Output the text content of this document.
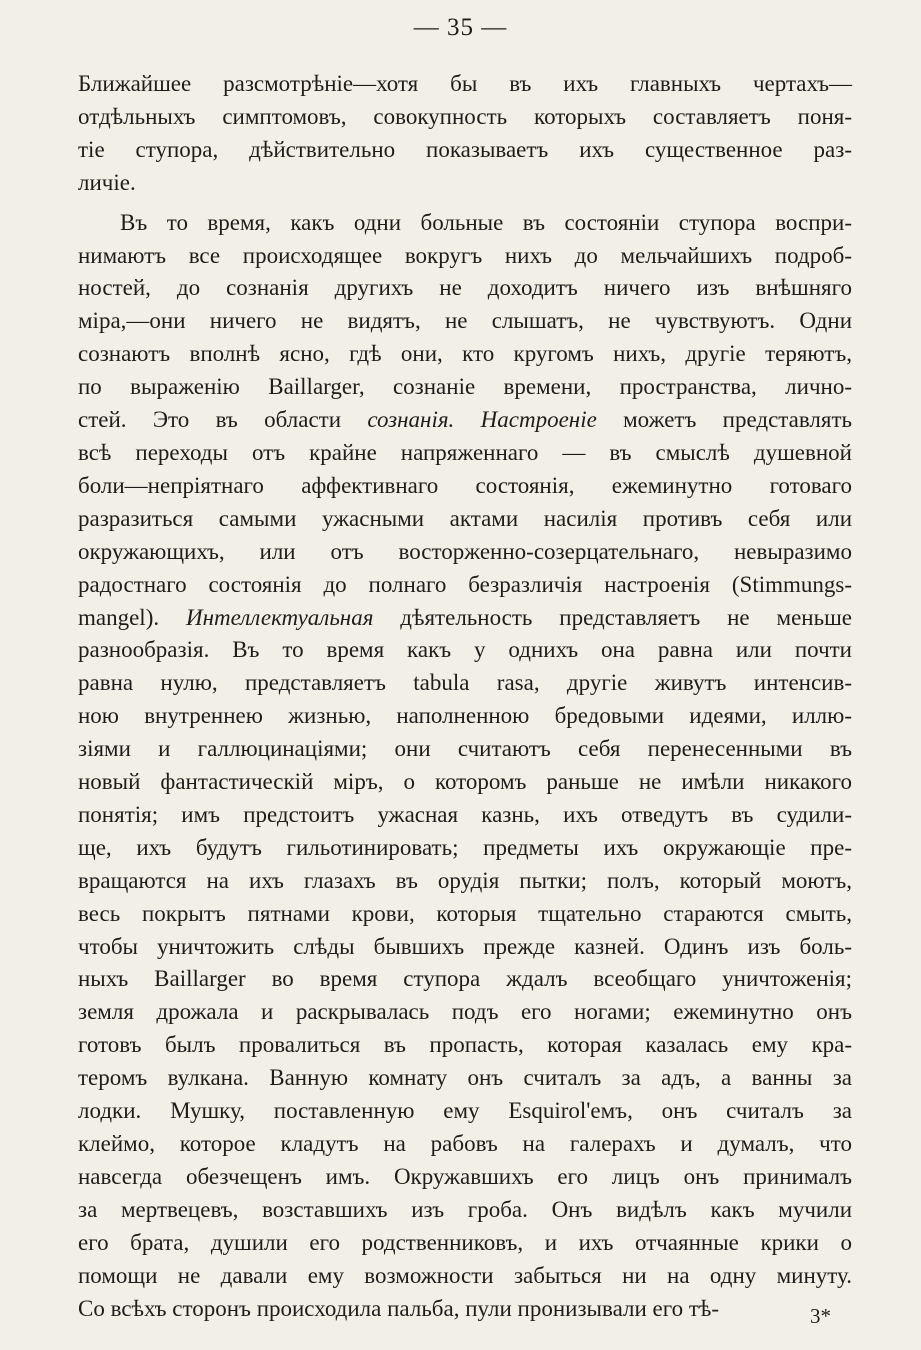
— 35 —
Ближайшее разсмотрѣніе—хотя бы въ ихъ главныхъ чертахъ—
отдѣльныхъ симптомовъ, совокупность которыхъ составляетъ поня-
тіе ступора, дѣйствительно показываетъ ихъ существенное раз-
личіе.
Въ то время, какъ одни больные въ состояніи ступора воспри-
нимаютъ все происходящее вокругъ нихъ до мельчайшихъ подроб-
ностей, до сознанія другихъ не доходитъ ничего изъ внѣшняго
міра,—они ничего не видятъ, не слышатъ, не чувствуютъ. Одни
сознаютъ вполнѣ ясно, гдѣ они, кто кругомъ нихъ, другіе теряютъ,
по выраженію Baillarger, сознаніе времени, пространства, лично-
стей. Это въ области сознанія. Настроеніе можетъ представлять
всѣ переходы отъ крайне напряженнаго — въ смыслѣ душевной
боли—непріятнаго аффективнаго состоянія, ежеминутно готоваго
разразиться самыми ужасными актами насилія противъ себя или
окружающихъ, или отъ восторженно-созерцательнаго, невыразимо
радостнаго состоянія до полнаго безразличія настроенія (Stimmungs-
mangel). Интеллектуальная дѣятельность представляетъ не меньше
разнообразія. Въ то время какъ у однихъ она равна или почти
равна нулю, представляетъ tabula rasa, другіе живутъ интенсив-
ною внутреннею жизнью, наполненною бредовыми идеями, иллю-
зіями и галлюцинаціями; они считаютъ себя перенесенными въ
новый фантастическій міръ, о которомъ раньше не имѣли никакого
понятія; имъ предстоитъ ужасная казнь, ихъ отведутъ въ судили-
ще, ихъ будутъ гильотинировать; предметы ихъ окружающіе пре-
вращаются на ихъ глазахъ въ орудія пытки; полъ, который моютъ,
весь покрытъ пятнами крови, которыя тщательно стараются смыть,
чтобы уничтожить слѣды бывшихъ прежде казней. Одинъ изъ боль-
ныхъ Baillarger во время ступора ждалъ всеобщаго уничтоженія;
земля дрожала и раскрывалась подъ его ногами; ежеминутно онъ
готовъ былъ провалиться въ пропасть, которая казалась ему кра-
теромъ вулкана. Ванную комнату онъ считалъ за адъ, а ванны за
лодки. Мушку, поставленную ему Esquirol'емъ, онъ считалъ за
клеймо, которое кладутъ на рабовъ на галерахъ и думалъ, что
навсегда обезчещенъ имъ. Окружавшихъ его лицъ онъ принималъ
за мертвецевъ, возставшихъ изъ гроба. Онъ видѣлъ какъ мучили
его брата, душили его родственниковъ, и ихъ отчаянные крики о
помощи не давали ему возможности забыться ни на одну минуту.
Со всѣхъ сторонъ происходила пальба, пули пронизывали его тѣ-	3*
